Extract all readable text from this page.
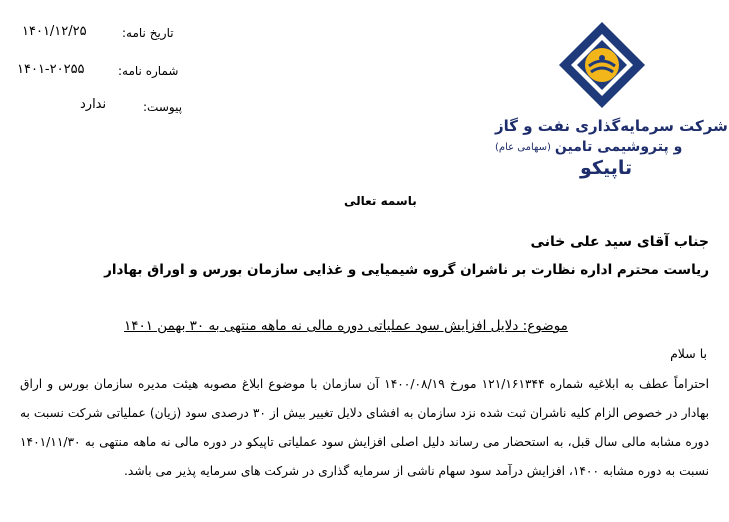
۱۴۰۱/۱۲/۲۵	تاریخ نامه:
۱۴۰۱-۲۰۲۵۵	شماره نامه:
ندارد	پیوست:
شرکت سرمایه‌گذاری نفت و گاز
و پتروشیمی تامین
(سهامی عام)
تاپیکو
باسمه تعالی
جناب آقای سید علی خانی
ریاست محترم اداره نظارت بر ناشران گروه شیمیایی و غذایی سازمان بورس و اوراق بهادار
موضوع: دلایل افزایش سود عملیاتی دوره مالی نه ماهه منتهی به ۳۰ بهمن ۱۴۰۱
با سلام
احتراماً عطف به ابلاغیه شماره ۱۲۱/۱۶۱۳۴۴ مورخ ۱۴۰۰/۰۸/۱۹ آن سازمان با موضوع ابلاغ مصوبه هیئت مدیره سازمان بورس و اراق بهادار در خصوص الزام کلیه ناشران ثبت شده نزد سازمان به افشای دلایل تغییر بیش از ۳۰ درصدی سود (زیان) عملیاتی شرکت نسبت به دوره مشابه مالی سال قبل، به استحضار می رساند دلیل اصلی افزایش سود عملیاتی تاپیکو در دوره مالی نه ماهه منتهی به ۱۴۰۱/۱۱/۳۰ نسبت به دوره مشابه ۱۴۰۰، افزایش درآمد سود سهام ناشی از سرمایه گذاری در شرکت های سرمایه پذیر می باشد.
